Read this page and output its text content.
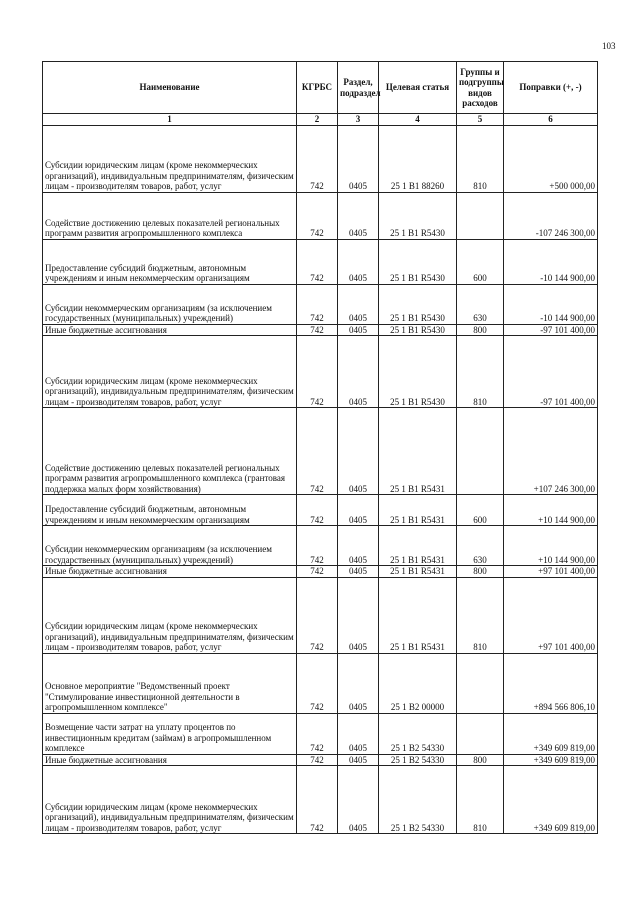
103
Наименование	КГРБС	Раздел, подраздел	Целевая статья	Группы и подгруппы видов расходов	Поправки (+, -)
1	2	3	4	5	6
Субсидии юридическим лицам (кроме некоммерческих организаций), индивидуальным предпринимателям, физическим лицам - производителям товаров, работ, услуг	742	0405	25 1 B1 88260	810	+500 000,00
Содействие достижению целевых показателей региональных программ развития агропромышленного комплекса	742	0405	25 1 B1 R5430		-107 246 300,00
Предоставление субсидий бюджетным, автономным учреждениям и иным некоммерческим организациям	742	0405	25 1 B1 R5430	600	-10 144 900,00
Субсидии некоммерческим организациям (за исключением государственных (муниципальных) учреждений)	742	0405	25 1 B1 R5430	630	-10 144 900,00
Иные бюджетные ассигнования	742	0405	25 1 B1 R5430	800	-97 101 400,00
Субсидии юридическим лицам (кроме некоммерческих организаций), индивидуальным предпринимателям, физическим лицам - производителям товаров, работ, услуг	742	0405	25 1 B1 R5430	810	-97 101 400,00
Содействие достижению целевых показателей региональных программ развития агропромышленного комплекса (грантовая поддержка малых форм хозяйствования)	742	0405	25 1 B1 R5431		+107 246 300,00
Предоставление субсидий бюджетным, автономным учреждениям и иным некоммерческим организациям	742	0405	25 1 B1 R5431	600	+10 144 900,00
Субсидии некоммерческим организациям (за исключением государственных (муниципальных) учреждений)	742	0405	25 1 B1 R5431	630	+10 144 900,00
Иные бюджетные ассигнования	742	0405	25 1 B1 R5431	800	+97 101 400,00
Субсидии юридическим лицам (кроме некоммерческих организаций), индивидуальным предпринимателям, физическим лицам - производителям товаров, работ, услуг	742	0405	25 1 B1 R5431	810	+97 101 400,00
Основное мероприятие "Ведомственный проект "Стимулирование инвестиционной деятельности в агропромышленном комплексе"	742	0405	25 1 B2 00000		+894 566 806,10
Возмещение части затрат на уплату процентов по инвестиционным кредитам (займам) в агропромышленном комплексе	742	0405	25 1 B2 54330		+349 609 819,00
Иные бюджетные ассигнования	742	0405	25 1 B2 54330	800	+349 609 819,00
Субсидии юридическим лицам (кроме некоммерческих организаций), индивидуальным предпринимателям, физическим лицам - производителям товаров, работ, услуг	742	0405	25 1 B2 54330	810	+349 609 819,00
